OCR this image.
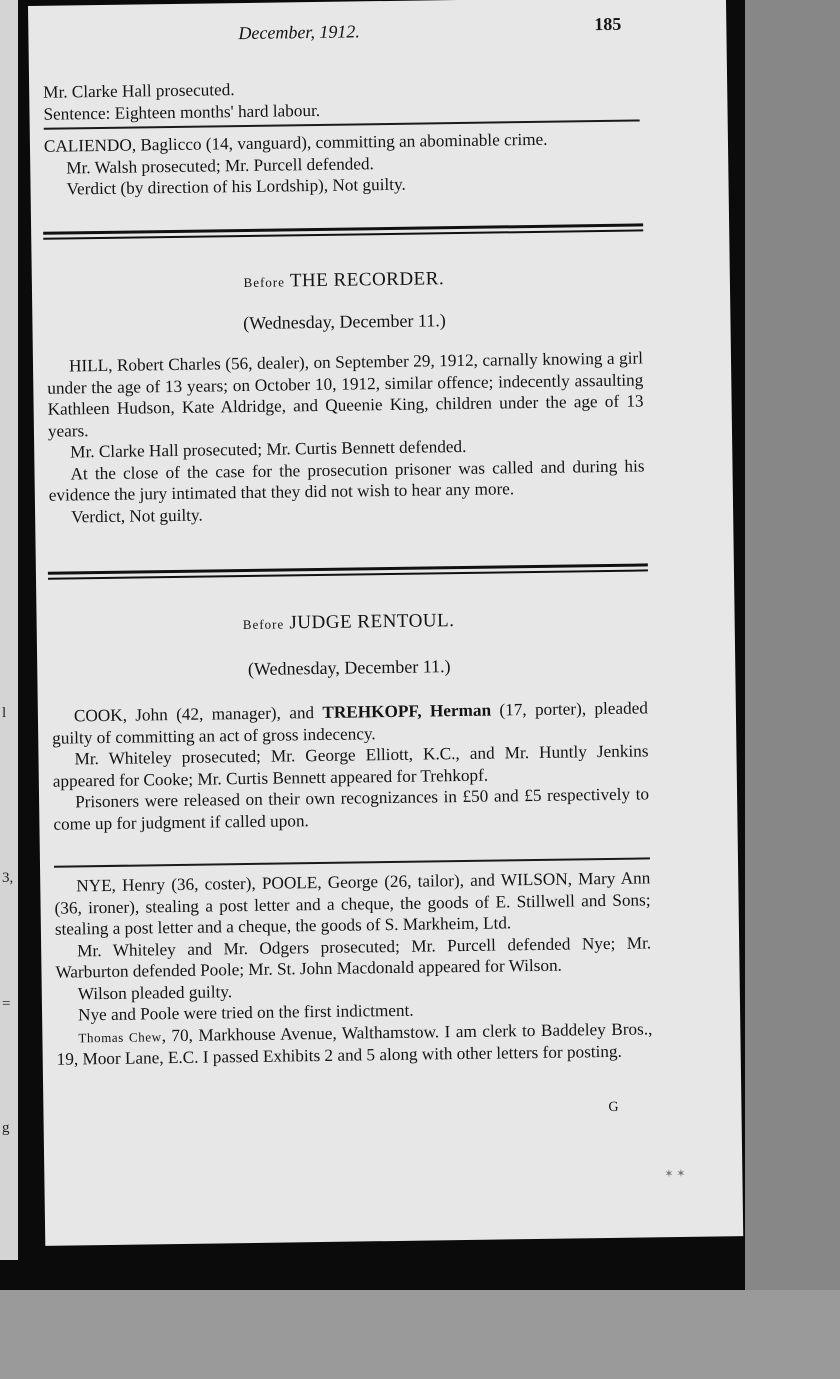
l
3,
=
g
December, 1912.	185

Mr. Clarke Hall prosecuted.

Sentence: Eighteen months' hard labour.

CALIENDO, Baglicco (14, vanguard), committing an abominable crime.

Mr. Walsh prosecuted; Mr. Purcell defended.

Verdict (by direction of his Lordship), Not guilty.

Before THE RECORDER.
(Wednesday, December 11.)

HILL, Robert Charles (56, dealer), on September 29, 1912, carnally knowing a girl under the age of 13 years; on October 10, 1912, similar offence; indecently assaulting Kathleen Hudson, Kate Aldridge, and Queenie King, children under the age of 13 years.

Mr. Clarke Hall prosecuted; Mr. Curtis Bennett defended.

At the close of the case for the prosecution prisoner was called and during his evidence the jury intimated that they did not wish to hear any more.

Verdict, Not guilty.

Before JUDGE RENTOUL.
(Wednesday, December 11.)

COOK, John (42, manager), and TREHKOPF, Herman (17, porter), pleaded guilty of committing an act of gross indecency.

Mr. Whiteley prosecuted; Mr. George Elliott, K.C., and Mr. Huntly Jenkins appeared for Cooke; Mr. Curtis Bennett appeared for Trehkopf.

Prisoners were released on their own recognizances in £50 and £5 respectively to come up for judgment if called upon.

NYE, Henry (36, coster), POOLE, George (26, tailor), and WILSON, Mary Ann (36, ironer), stealing a post letter and a cheque, the goods of E. Stillwell and Sons; stealing a post letter and a cheque, the goods of S. Markheim, Ltd.

Mr. Whiteley and Mr. Odgers prosecuted; Mr. Purcell defended Nye; Mr. Warburton defended Poole; Mr. St. John Macdonald appeared for Wilson.

Wilson pleaded guilty.

Nye and Poole were tried on the first indictment.

Thomas Chew, 70, Markhouse Avenue, Walthamstow. I am clerk to Baddeley Bros., 19, Moor Lane, E.C. I passed Exhibits 2 and 5 along with other letters for posting.

G
✶ ✶
